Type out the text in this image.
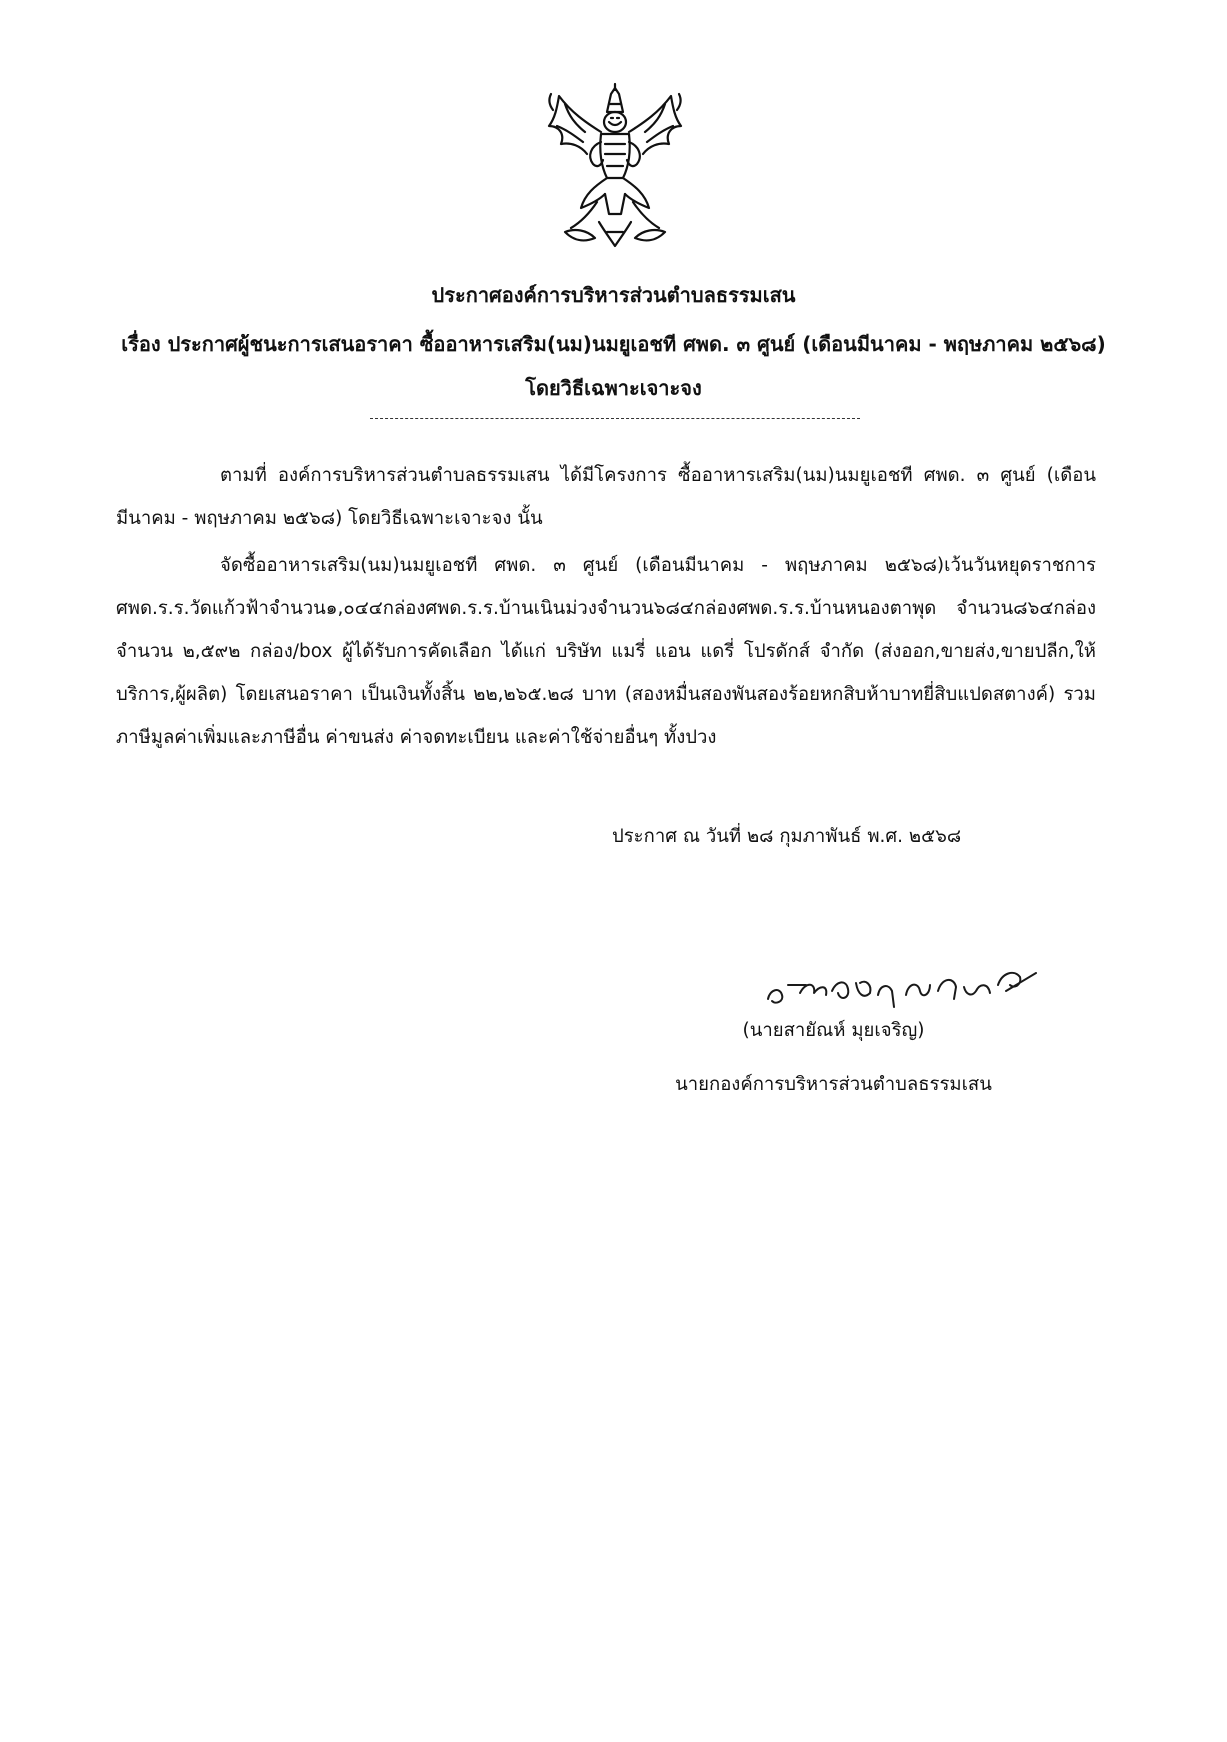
ประกาศองค์การบริหารส่วนตำบลธรรมเสน
เรื่อง ประกาศผู้ชนะการเสนอราคา ซื้ออาหารเสริม(นม)นมยูเอชที ศพด. ๓ ศูนย์ (เดือนมีนาคม - พฤษภาคม ๒๕๖๘) โดยวิธีเฉพาะเจาะจง
ตามที่ องค์การบริหารส่วนตำบลธรรมเสน ได้มีโครงการ ซื้ออาหารเสริม(นม)นมยูเอชที ศพด. ๓ ศูนย์ (เดือนมีนาคม - พฤษภาคม ๒๕๖๘) โดยวิธีเฉพาะเจาะจง นั้น
จัดซื้ออาหารเสริม(นม)นมยูเอชที ศพด. ๓ ศูนย์ (เดือนมีนาคม - พฤษภาคม ๒๕๖๘)เว้นวันหยุดราชการ ศพด.ร.ร.วัดแก้วฟ้าจำนวน๑,๐๔๔กล่องศพด.ร.ร.บ้านเนินม่วงจำนวน๖๘๔กล่องศพด.ร.ร.บ้านหนองตาพุด จำนวน๘๖๔กล่อง จำนวน ๒,๕๙๒ กล่อง/box ผู้ได้รับการคัดเลือก ได้แก่ บริษัท แมรี่ แอน แดรี่ โปรดักส์ จำกัด (ส่งออก,ขายส่ง,ขายปลีก,ให้บริการ,ผู้ผลิต) โดยเสนอราคา เป็นเงินทั้งสิ้น ๒๒,๒๖๕.๒๘ บาท (สองหมื่นสองพันสองร้อยหกสิบห้าบาทยี่สิบแปดสตางค์) รวมภาษีมูลค่าเพิ่มและภาษีอื่น ค่าขนส่ง ค่าจดทะเบียน และค่าใช้จ่ายอื่นๆ ทั้งปวง
ประกาศ ณ วันที่ ๒๘ กุมภาพันธ์ พ.ศ. ๒๕๖๘
(นายสายัณห์ มุยเจริญ)
นายกองค์การบริหารส่วนตำบลธรรมเสน
